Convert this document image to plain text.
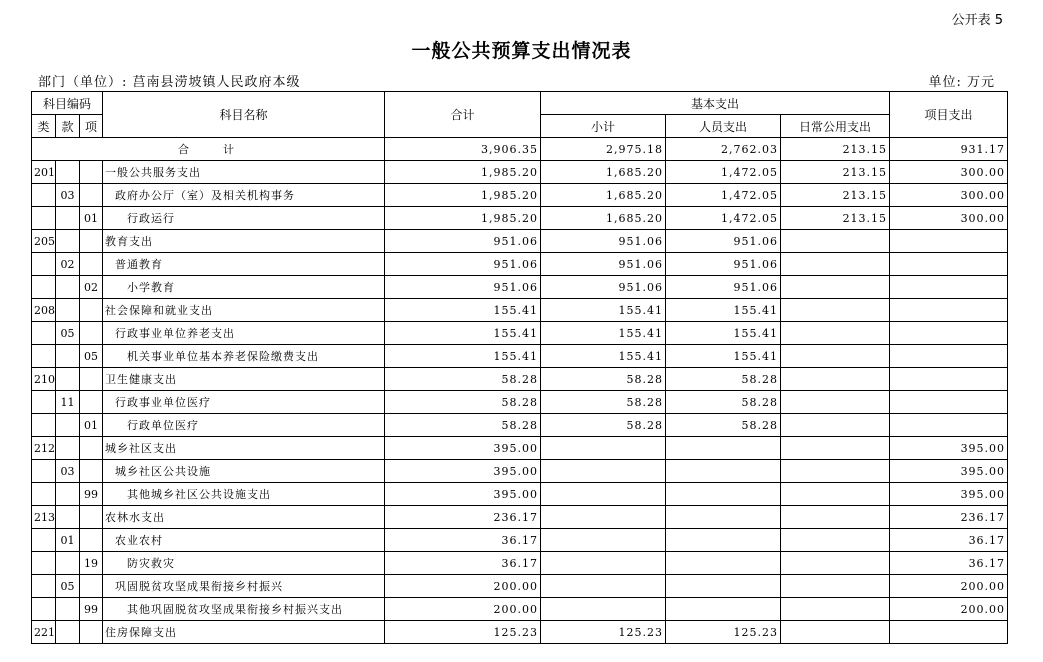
公开表 5
一般公共预算支出情况表
部门（单位）: 莒南县涝坡镇人民政府本级	单位: 万元
科目编码			科目名称	合计	基本支出			项目支出
类	款	项			小计	人员支出	日常公用支出	
合　　计				3,906.35	2,975.18	2,762.03	213.15	931.17
201			一般公共服务支出	1,985.20	1,685.20	1,472.05	213.15	300.00
	03		政府办公厅（室）及相关机构事务	1,985.20	1,685.20	1,472.05	213.15	300.00
		01	行政运行	1,985.20	1,685.20	1,472.05	213.15	300.00
205			教育支出	951.06	951.06	951.06		
	02		普通教育	951.06	951.06	951.06		
		02	小学教育	951.06	951.06	951.06		
208			社会保障和就业支出	155.41	155.41	155.41		
	05		行政事业单位养老支出	155.41	155.41	155.41		
		05	机关事业单位基本养老保险缴费支出	155.41	155.41	155.41		
210			卫生健康支出	58.28	58.28	58.28		
	11		行政事业单位医疗	58.28	58.28	58.28		
		01	行政单位医疗	58.28	58.28	58.28		
212			城乡社区支出	395.00				395.00
	03		城乡社区公共设施	395.00				395.00
		99	其他城乡社区公共设施支出	395.00				395.00
213			农林水支出	236.17				236.17
	01		农业农村	36.17				36.17
		19	防灾救灾	36.17				36.17
	05		巩固脱贫攻坚成果衔接乡村振兴	200.00				200.00
		99	其他巩固脱贫攻坚成果衔接乡村振兴支出	200.00				200.00
221			住房保障支出	125.23	125.23	125.23		
